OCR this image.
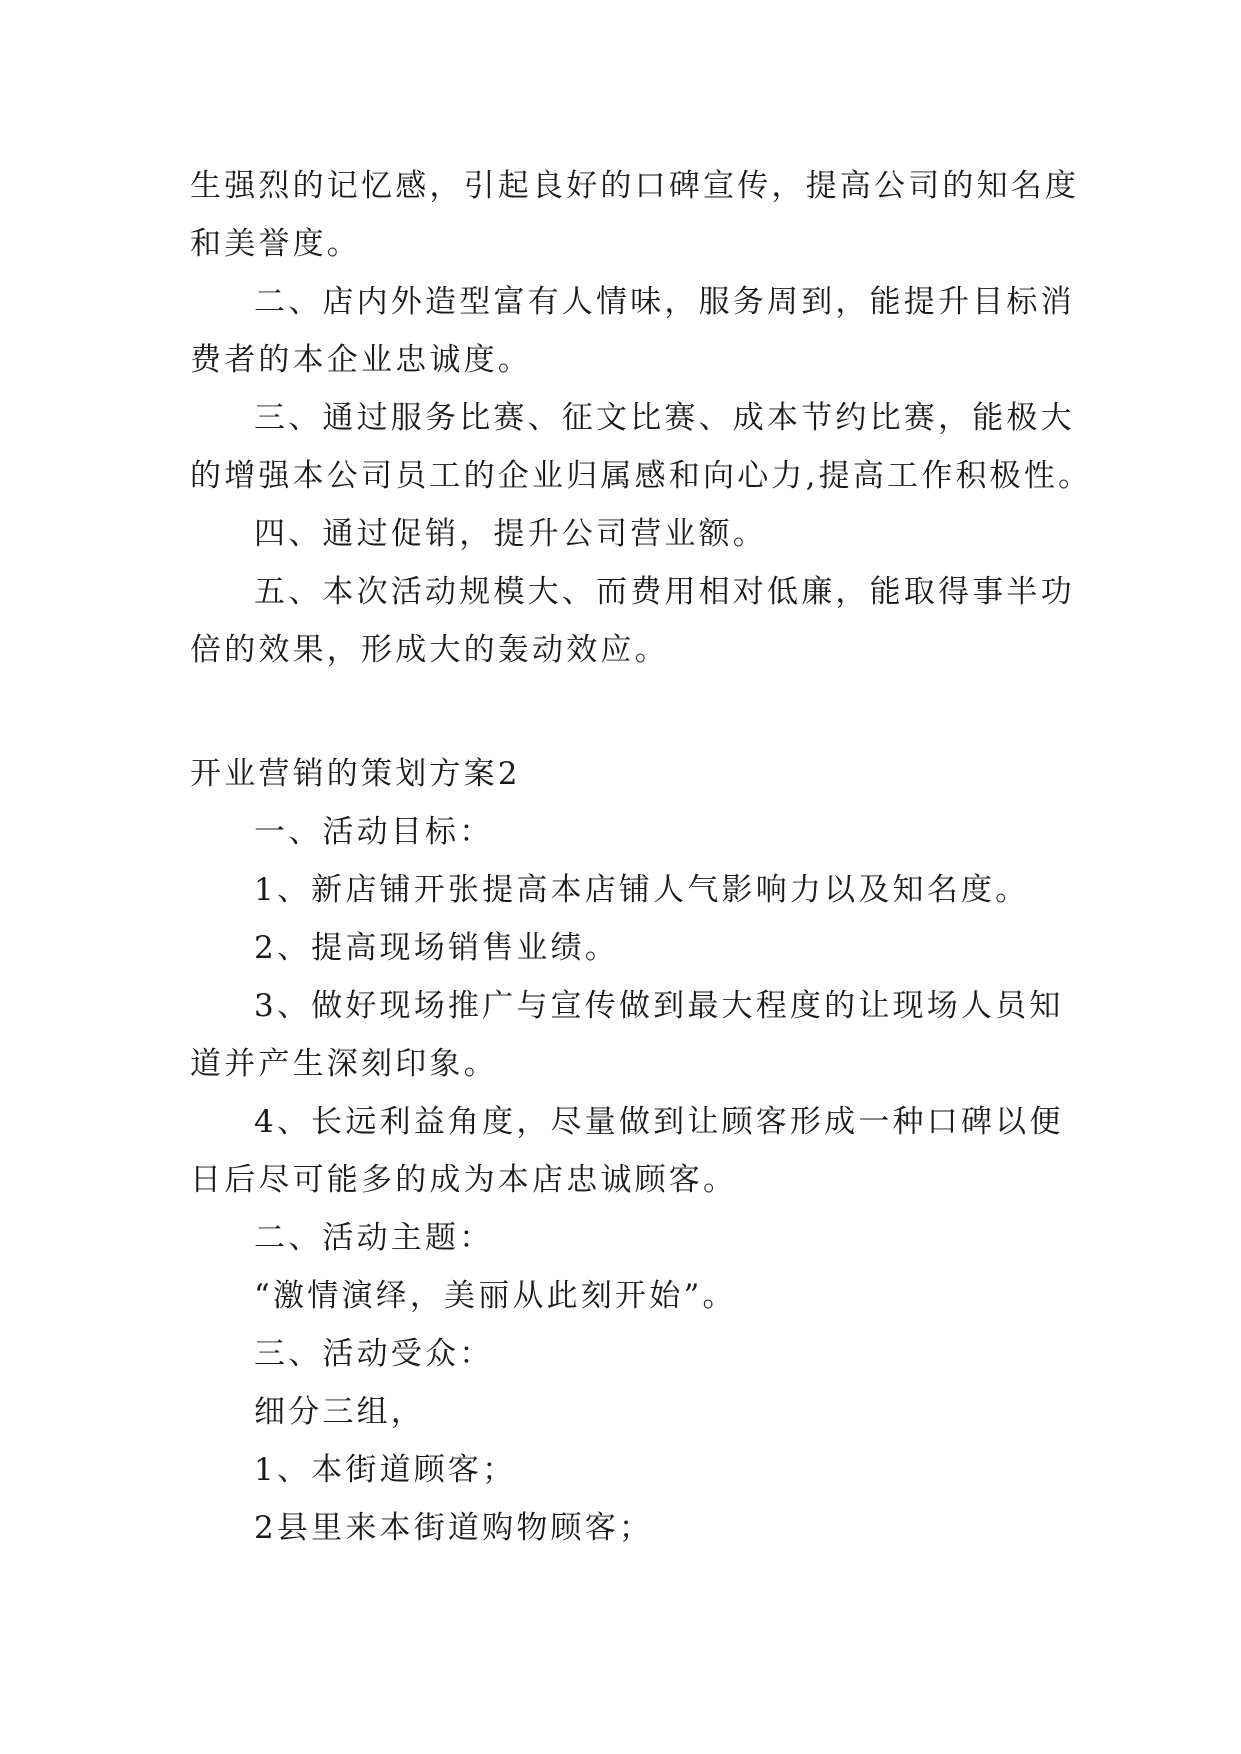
生强烈的记忆感，引起良好的口碑宣传，提高公司的知名度

和美誉度。

二、店内外造型富有人情味，服务周到，能提升目标消

费者的本企业忠诚度。

三、通过服务比赛、征文比赛、成本节约比赛，能极大

的增强本公司员工的企业归属感和向心力,提高工作积极性。

四、通过促销，提升公司营业额。

五、本次活动规模大、而费用相对低廉，能取得事半功

倍的效果，形成大的轰动效应。

开业营销的策划方案2

一、活动目标：

1、新店铺开张提高本店铺人气影响力以及知名度。

2、提高现场销售业绩。

3、做好现场推广与宣传做到最大程度的让现场人员知

道并产生深刻印象。

4、长远利益角度，尽量做到让顾客形成一种口碑以便

日后尽可能多的成为本店忠诚顾客。

二、活动主题：

“激情演绎，美丽从此刻开始”。

三、活动受众：

细分三组，

1、本街道顾客；

2县里来本街道购物顾客；
